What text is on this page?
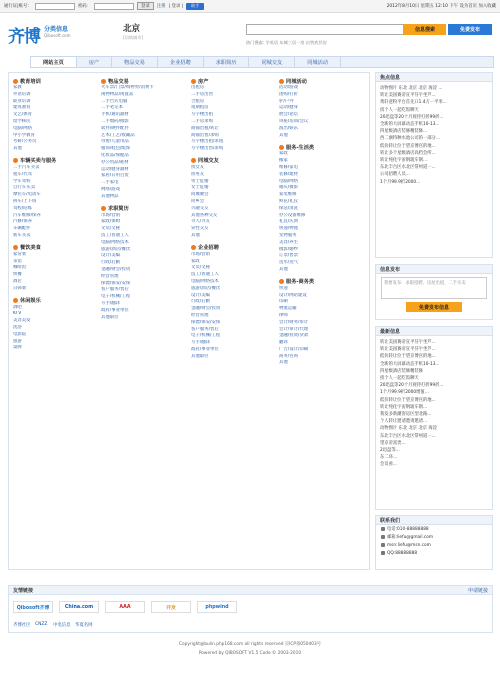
通行证|帐号：	密码：	登录	注册 | 登录 |	助手	2012年8月10日 星期五 12:10 下午 设为首页 加入收藏
齐博 分类信息
Qibosoft.com
北京
[切换城市]
信息搜索	免费发布
热门搜索: 学英语 东城三居一房 出售底层房
网站主页	房产	物品交易	企业招聘	求职简历	同城交友	同城活动
教育培训
家教
外语培训
职业培训
建筑教育
文艺/体育
留学移民
电脑/网络
中小学教育
考研/公务员
其他
车辆买卖与服务
二手汽车买卖
租车/代驾
学车驾校
自行车买卖
摩托车/电动车
拼车/上下班
驾校/陪练
汽车维修/保养
汽修/保养
车辆配件
新车买卖
餐饮美食
家常菜
茶馆
咖啡馆
快餐
酒店
日韩菜
休闲娱乐
酒吧
KTV
美容美发
洗浴
电影院
旅游
桌牌
物品交易
火车票/门票/购物券/消费卡
闲物物品/闲置品
二手台式电脑
二手笔记本
手机/通讯器材
二手数码/摄影
软件/硬件配件
艺术/工艺/收藏品
母婴/儿童用品
服饰/鞋包/配饰
化妆品/保健品
办公用品/耗材
运动/健身器材
家居/日用百货
二手家电
网络/游戏
其他物品
求职简历
市场/营销
家政/保姆
文员/文秘
技工/普通工人
电脑/网络技术
旅游/酒店/餐饮
设计/美编
行政/后勤
金融/财会/投资
经营管理
保镖/保安/安保
客户服务/售后
电子/机械/工程
写手/翻译
政府/事业单位
其他职位
房产
出租房
二手房出售
合租房
短期租房
写字楼出租
二手房求购
商铺出租/转让
商铺出售/求购
写字楼出租/求租
写字楼出售/求购
同城交友
找女友
找男友
男士征婚
女士征婚
同城聚会
同乡会
兴趣交友
其他各种交友
寻人/寻友
异性交友
其他
企业招聘
市场/营销
家政
文员/文秘
技工/普通工人
电脑/网络技术
旅游/酒店/餐饮
设计/美编
行政/后勤
金融/财会/投资
经营管理
保镖/保安/安保
客户服务/售后
电子/机械/工程
写手/翻译
政府/事业单位
其他职位
同城活动
活动/游戏
团购/打折
驴/户外
运动/健身
展会/论坛
讲座/培训/会议
演出/娱乐
其他
服务-生活类
家政
搬家
维修/家电
装修/建材
电脑/网络
婚庆/摄影
家电维修
鲜花/礼仪
保洁/清洗
办公设备维修
礼仪/庆典
快递/物流
宠物服务
美容/养生
摄影/婚纱
订票/售票
送水/送气
其他
服务-商务类
快递
设计/网站建设
印刷
物流运输
律师
会计/财务/审计
会计/审计/代理
金融/投资/贷款
翻译
广告/设计/印刷
商务/咨询
其他
焦点信息
动物图片 东北 北京 北京 海淀 ...
转让美国赛帝宣平芬宇坐芦...
黄轩意粉平台首先口1.4万一平米...
找个人一起吃饭聊天
20迅盘等20十月观待打折99折...
全新的大屏幕动态手机10-13...
四星级酒店装修精装修...
西二旗特种水池公司的一部分...
低价转让位于望京博宫的地...
转让多个星级酒店高档会所...
转让纯化宇宙钢玻车钢...
东北丰台区水北区常州道一...
公司招聘人员...
1个月99.9折2000...
信息发布
我要发布：求职招聘、房屋出租、二手买卖
免费发布信息
最新信息
转让美国赛帝宣平芬宇坐芦...
转让美国赛帝宣平芬宇坐芦...
低价转让位于望京博宫的地...
全新的大屏幕动态手机10-13...
四星级酒店装修精装修
找个人一起吃饭聊天
20迅盘等20十月观待打折99折...
1个月99.9折2000增值...
低价转让位于望京博宫的地...
转让纯化宇宙钢玻车钢...
我发多新潮客房区型北路...
个人转让邀请邀请邀请...
动物图片 东北 北京 北京 海淀
东北丰台区水北区常州道一...
望京帝富贵...
2迅盘等...
东二环...
会员看...
联系我们
电话:010-88888888
邮箱:liefu@gmail.com
msn:liefu@msn.com
QQ:88888888
友情链接	申请链接
Qibosoft齐博	China.com	AAA	开发	phpwind
齐博社区 CNZZ 中电信息 华夏名网
Copyright@bulin.php168.com all rights reserved 京ICP备050403号
Powered by QIBOSOFT V1.5 Code © 2003-2010
